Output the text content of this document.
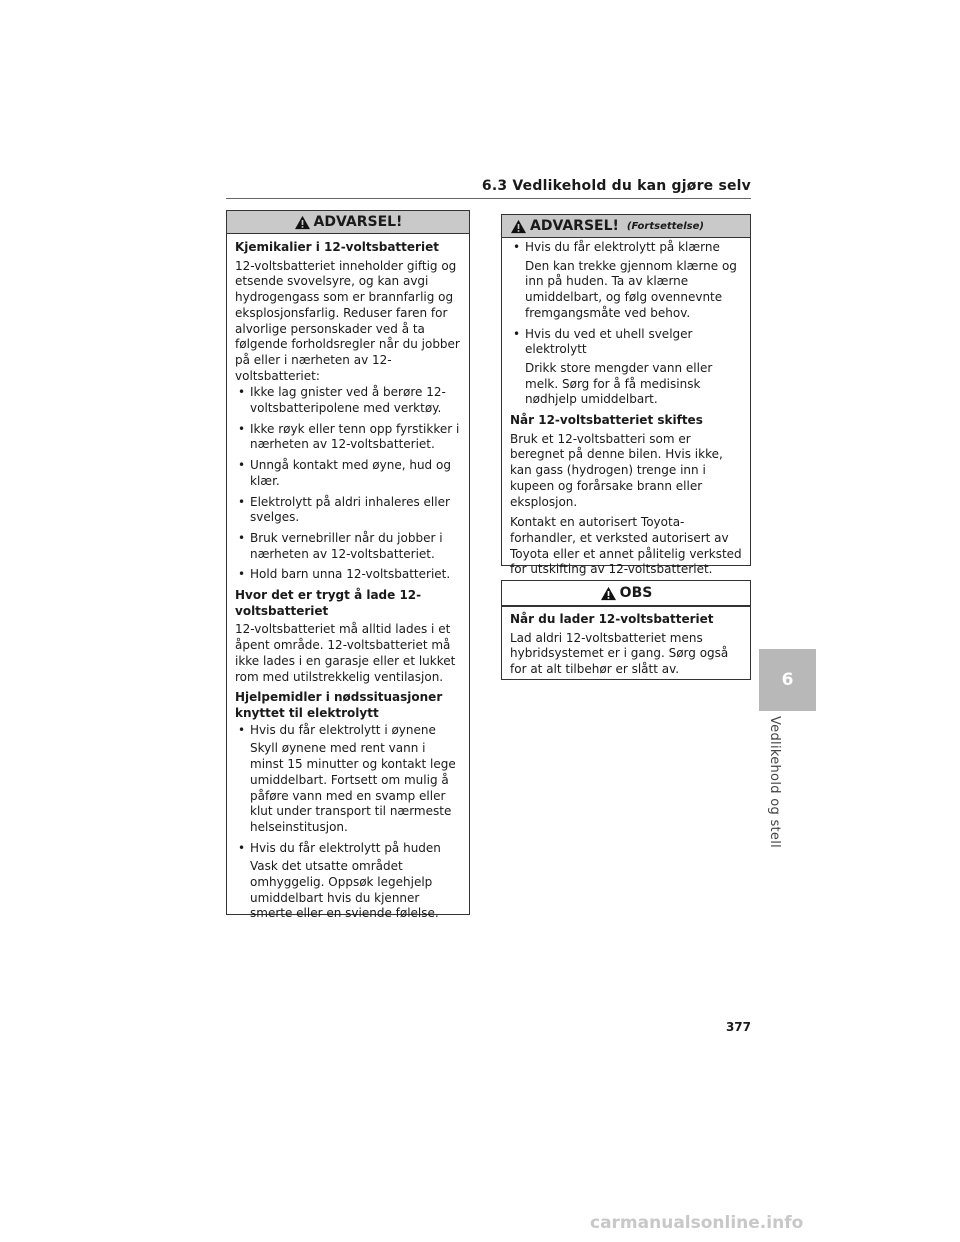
6.3 Vedlikehold du kan gjøre selv
ADVARSEL!
Kjemikalier i 12-voltsbatteriet

12-voltsbatteriet inneholder giftig og etsende svovelsyre, og kan avgi hydrogengass som er brannfarlig og eksplosjonsfarlig. Reduser faren for alvorlige personskader ved å ta følgende forholdsregler når du jobber på eller i nærheten av 12-voltsbatteriet:

• Ikke lag gnister ved å berøre 12-voltsbatteripolene med verktøy.
• Ikke røyk eller tenn opp fyrstikker i nærheten av 12-voltsbatteriet.
• Unngå kontakt med øyne, hud og klær.
• Elektrolytt på aldri inhaleres eller svelges.
• Bruk vernebriller når du jobber i nærheten av 12-voltsbatteriet.
• Hold barn unna 12-voltsbatteriet.
Hvor det er trygt å lade 12-voltsbatteriet

12-voltsbatteriet må alltid lades i et åpent område. 12-voltsbatteriet må ikke lades i en garasje eller et lukket rom med utilstrekkelig ventilasjon.

Hjelpemidler i nødssituasjoner knyttet til elektrolytt
• Hvis du får elektrolytt i øynene

Skyll øynene med rent vann i minst 15 minutter og kontakt lege umiddelbart. Fortsett om mulig å påføre vann med en svamp eller klut under transport til nærmeste helseinstitusjon.

• Hvis du får elektrolytt på huden

Vask det utsatte området omhyggelig. Oppsøk legehjelp umiddelbart hvis du kjenner smerte eller en sviende følelse.

ADVARSEL! (Fortsettelse)
• Hvis du får elektrolytt på klærne

Den kan trekke gjennom klærne og inn på huden. Ta av klærne umiddelbart, og følg ovennevnte fremgangsmåte ved behov.

• Hvis du ved et uhell svelger elektrolytt

Drikk store mengder vann eller melk. Sørg for å få medisinsk nødhjelp umiddelbart.

Når 12-voltsbatteriet skiftes

Bruk et 12-voltsbatteri som er beregnet på denne bilen. Hvis ikke, kan gass (hydrogen) trenge inn i kupeen og forårsake brann eller eksplosjon.

Kontakt en autorisert Toyota-forhandler, et verksted autorisert av Toyota eller et annet pålitelig verksted for utskifting av 12-voltsbatteriet.

OBS
Når du lader 12-voltsbatteriet

Lad aldri 12-voltsbatteriet mens hybridsystemet er i gang. Sørg også for at alt tilbehør er slått av.

6
Vedlikehold og stell
377
carmanualsonline.info
